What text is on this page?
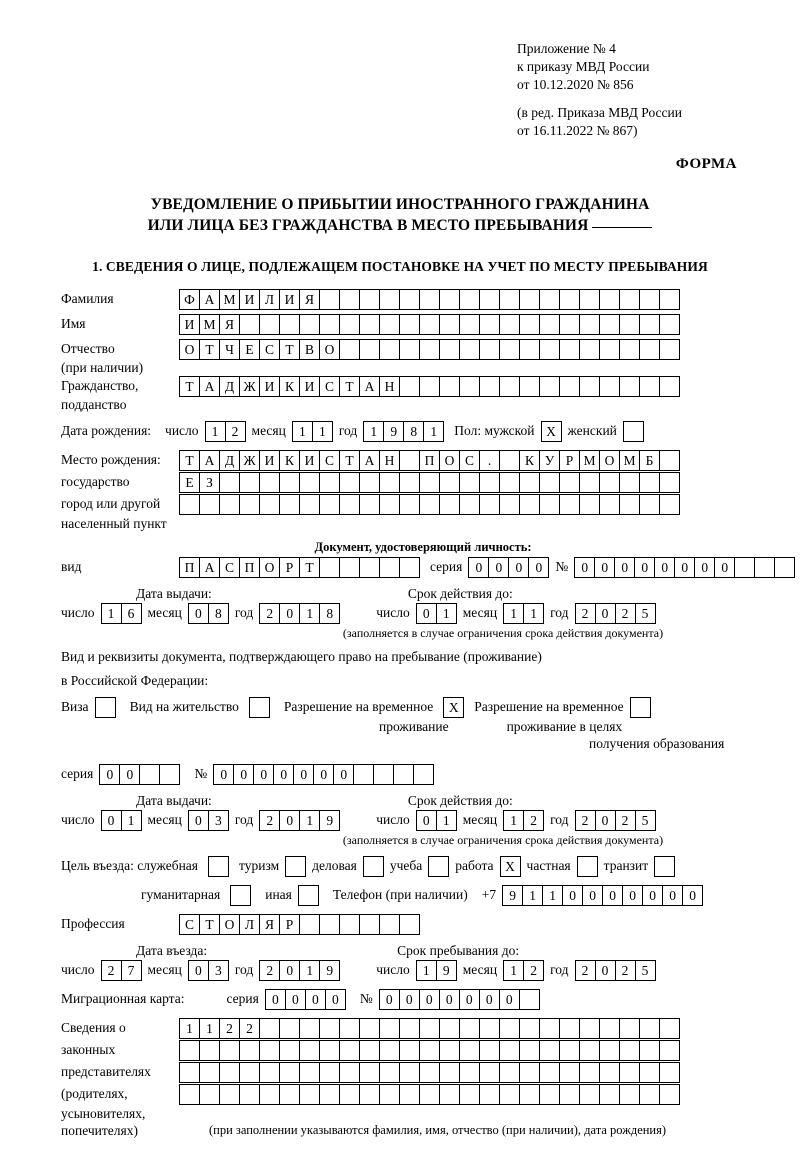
Приложение № 4
к приказу МВД России
от 10.12.2020 № 856
(в ред. Приказа МВД России
от 16.11.2022 № 867)
ФОРМА
УВЕДОМЛЕНИЕ О ПРИБЫТИИ ИНОСТРАННОГО ГРАЖДАНИНА
ИЛИ ЛИЦА БЕЗ ГРАЖДАНСТВА В МЕСТО ПРЕБЫВАНИЯ
1. СВЕДЕНИЯ О ЛИЦЕ, ПОДЛЕЖАЩЕМ ПОСТАНОВКЕ НА УЧЕТ ПО МЕСТУ ПРЕБЫВАНИЯ
Фамилия	Ф А М И Л И Я
Имя	И М Я
Отчество	О Т Ч Е С Т В О
(при наличии)
Гражданство,	Т А Д Ж И К И С Т А Н
подданство
Дата рождения: число 1 2 месяц 1 1 год 1 9 8 1	Пол: мужской X женский
Место рождения:	Т А Д Ж И К И С Т А Н	П О С	.	К У Р М О М Б
государство	Е З
город или другой
населенный пункт
Документ, удостоверяющий личность:
вид	П А С П О Р Т	серия 0 0 0 0 № 0 0 0 0 0 0 0 0
Дата выдачи:	Срок действия до:
число 1 6 месяц 0 8 год 2 0 1 8	число 0 1 месяц 1 1 год 2 0 2 5
(заполняется в случае ограничения срока действия документа)
Вид и реквизиты документа, подтверждающего право на пребывание (проживание)
в Российской Федерации:
Виза	Вид на жительство	Разрешение на временное	X	Разрешение на временное
проживание	проживание в целях
получения образования
серия 0 0	№ 0 0 0 0 0 0 0
Дата выдачи:	Срок действия до:
число 0 1 месяц 0 3 год 2 0 1 9	число 0 1 месяц 1 2 год 2 0 2 5
(заполняется в случае ограничения срока действия документа)
Цель въезда: служебная	туризм деловая учеба работа X частная транзит
гуманитарная	иная	Телефон (при наличии) +7 9 1 1 0 0 0 0 0 0 0
Профессия	С Т О Л Я Р
Дата въезда:	Срок пребывания до:
число 2 7 месяц 0 3 год 2 0 1 9	число 1 9 месяц 1 2 год 2 0 2 5
Миграционная карта:	серия 0 0 0 0	№ 0 0 0 0 0 0 0
Сведения о	1 1 2 2
законных
представителях
(родителях,
усыновителях,
попечителях)	(при заполнении указываются фамилия, имя, отчество (при наличии), дата рождения)
